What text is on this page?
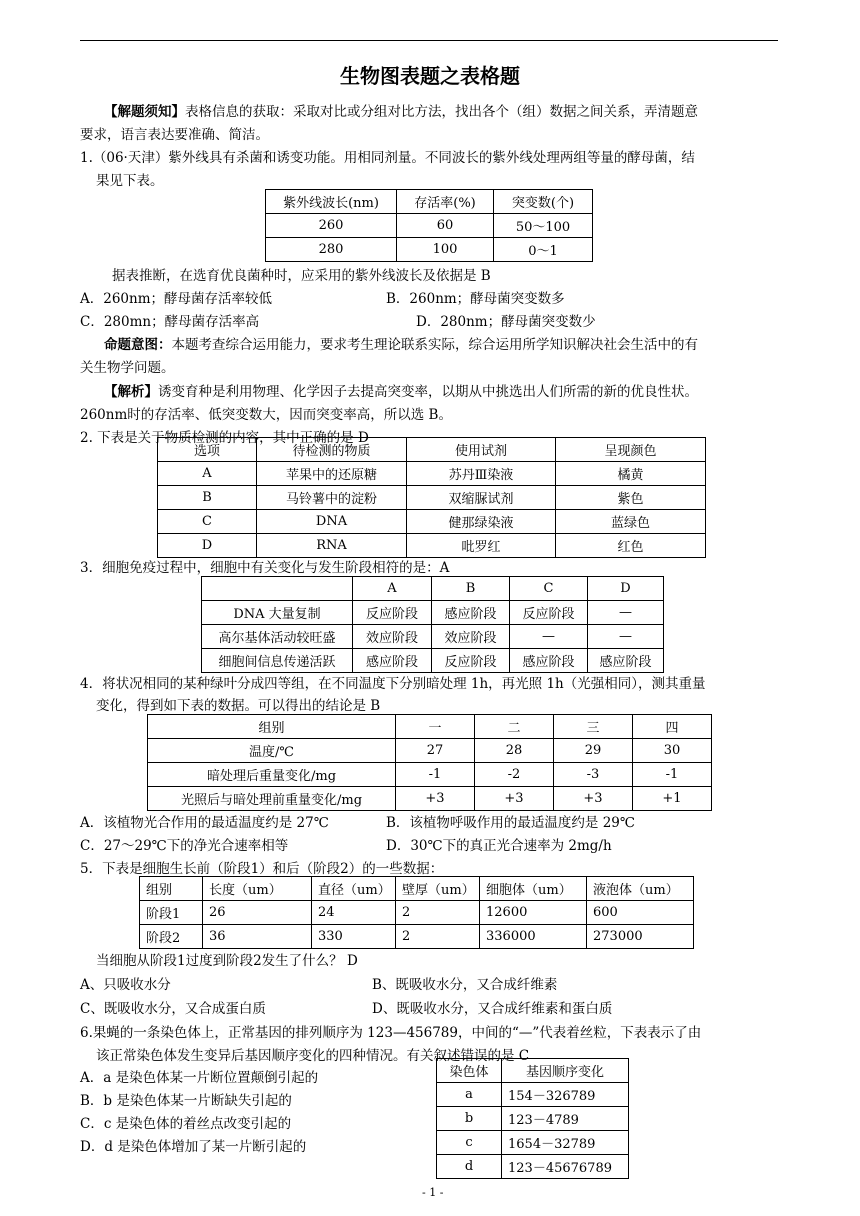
生物图表题之表格题
【解题须知】表格信息的获取：采取对比或分组对比方法，找出各个（组）数据之间关系，弄清题意
要求，语言表达要准确、简洁。
1.（06·天津）紫外线具有杀菌和诱变功能。用相同剂量。不同波长的紫外线处理两组等量的酵母菌，结
果见下表。
紫外线波长(nm)	存活率(%)	突变数(个)
260	60	50～100
280	100	0～1
据表推断，在选育优良菌种时，应采用的紫外线波长及依据是 B
A．260nm；酵母菌存活率较低	B．260nm；酵母菌突变数多
C．280mn；酵母菌存活率高	D．280nm；酵母菌突变数少
命题意图：本题考查综合运用能力，要求考生理论联系实际，综合运用所学知识解决社会生活中的有
关生物学问题。
【解析】诱变育种是利用物理、化学因子去提高突变率，以期从中挑选出人们所需的新的优良性状。
260nm时的存活率、低突变数大，因而突变率高，所以选 B。
2. 下表是关于物质检测的内容，其中正确的是 D
选项	待检测的物质	使用试剂	呈现颜色
A	苹果中的还原糖	苏丹Ⅲ染液	橘黄
B	马铃薯中的淀粉	双缩脲试剂	紫色
C	DNA	健那绿染液	蓝绿色
D	RNA	吡罗红	红色
3．细胞免疫过程中，细胞中有关变化与发生阶段相符的是：A
	A	B	C	D
DNA 大量复制	反应阶段	感应阶段	反应阶段	—
高尔基体活动较旺盛	效应阶段	效应阶段	—	—
细胞间信息传递活跃	感应阶段	反应阶段	感应阶段	感应阶段
4．将状况相同的某种绿叶分成四等组，在不同温度下分别暗处理 1h，再光照 1h（光强相同），测其重量
变化，得到如下表的数据。可以得出的结论是 B
组别	一	二	三	四
温度/℃	27	28	29	30
暗处理后重量变化/mg	-1	-2	-3	-1
光照后与暗处理前重量变化/mg	+3	+3	+3	+1
A．该植物光合作用的最适温度约是 27℃	B．该植物呼吸作用的最适温度约是 29℃
C．27～29℃下的净光合速率相等	D．30℃下的真正光合速率为 2mg/h
5．下表是细胞生长前（阶段1）和后（阶段2）的一些数据：
组别	长度（um）	直径（um）	壁厚（um）	细胞体（um）	液泡体（um）
阶段1	26	24	2	12600	600
阶段2	36	330	2	336000	273000
当细胞从阶段1过度到阶段2发生了什么？ D
A、只吸收水分	B、既吸收水分，又合成纤维素
C、既吸收水分，又合成蛋白质	D、既吸收水分，又合成纤维素和蛋白质
6.果蝇的一条染色体上，正常基因的排列顺序为 123—456789，中间的“—”代表着丝粒，下表表示了由
该正常染色体发生变异后基因顺序变化的四种情况。有关叙述错误的是 C
A．a 是染色体某一片断位置颠倒引起的
B．b 是染色体某一片断缺失引起的
C．c 是染色体的着丝点改变引起的
D．d 是染色体增加了某一片断引起的
染色体	基因顺序变化
a	154－326789
b	123－4789
c	1654－32789
d	123－45676789
- 1 -
